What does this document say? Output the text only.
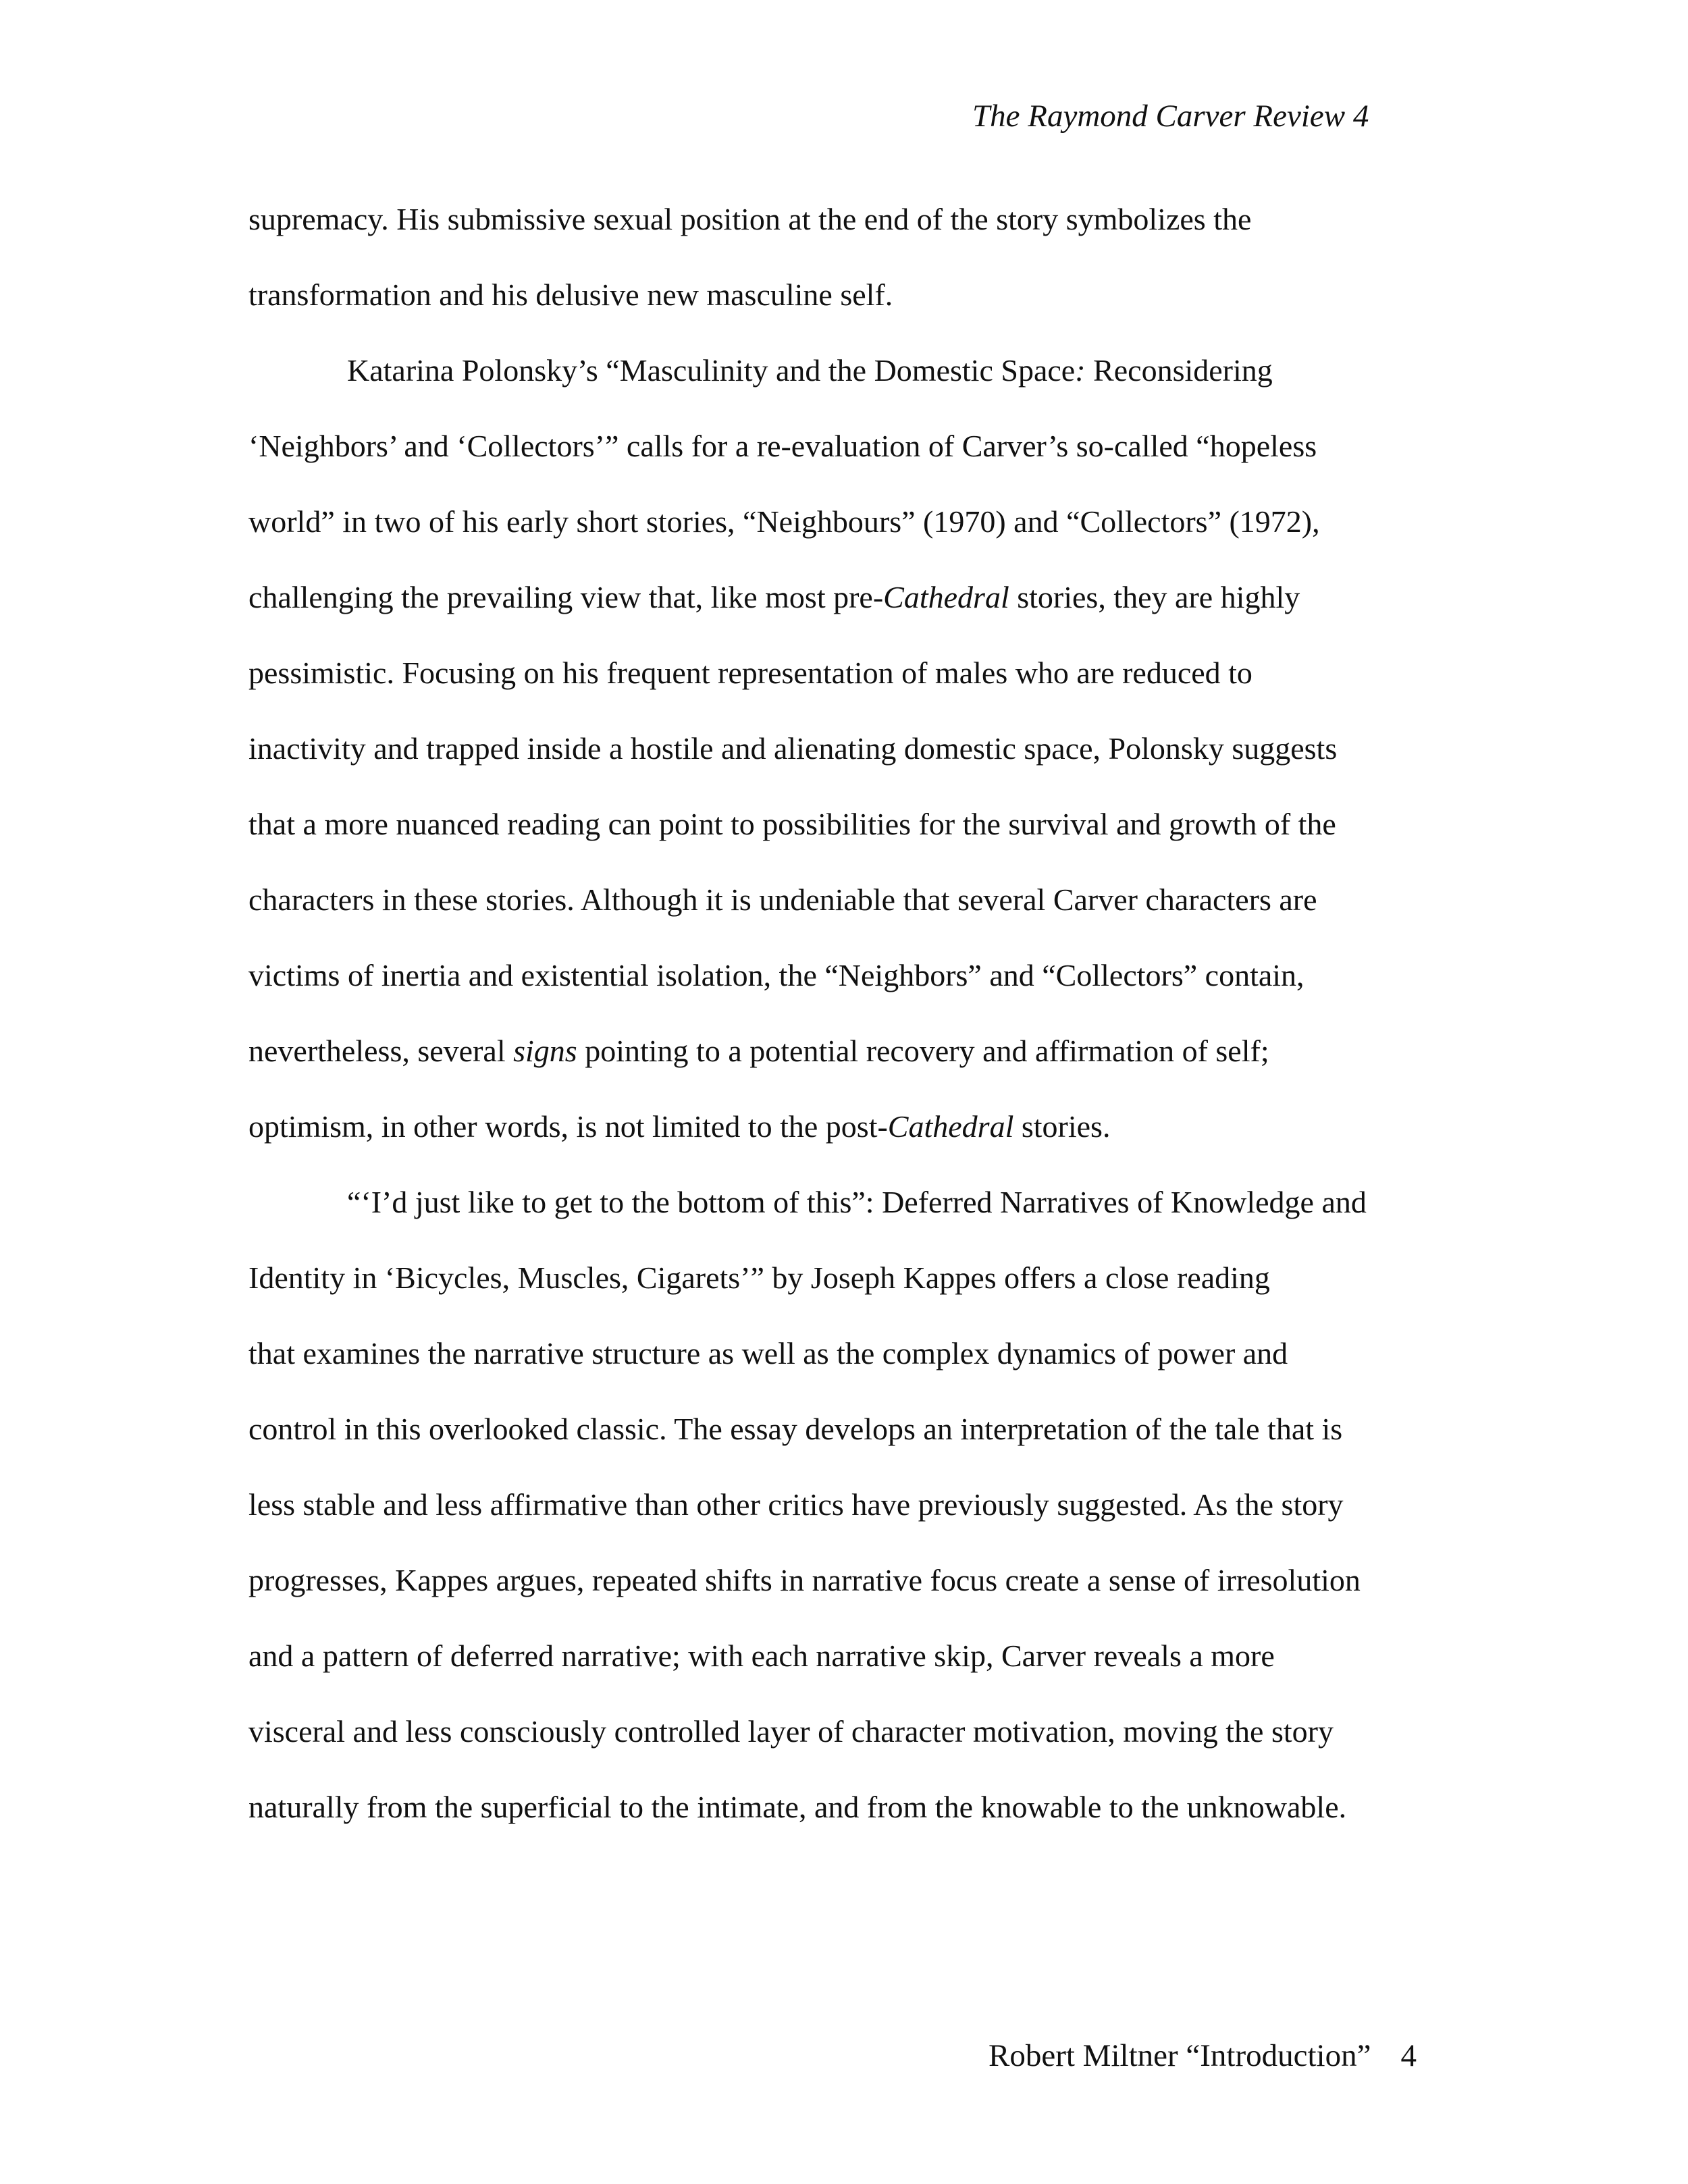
The Raymond Carver Review 4
supremacy. His submissive sexual position at the end of the story symbolizes the
transformation and his delusive new masculine self.
Katarina Polonsky’s “Masculinity and the Domestic Space: Reconsidering
‘Neighbors’ and ‘Collectors’” calls for a re-evaluation of Carver’s so-called “hopeless
world” in two of his early short stories, “Neighbours” (1970) and “Collectors” (1972),
challenging the prevailing view that, like most pre-Cathedral stories, they are highly
pessimistic. Focusing on his frequent representation of males who are reduced to
inactivity and trapped inside a hostile and alienating domestic space, Polonsky suggests
that a more nuanced reading can point to possibilities for the survival and growth of the
characters in these stories. Although it is undeniable that several Carver characters are
victims of inertia and existential isolation, the “Neighbors” and “Collectors” contain,
nevertheless, several signs pointing to a potential recovery and affirmation of self;
optimism, in other words, is not limited to the post-Cathedral stories.
“‘I’d just like to get to the bottom of this”: Deferred Narratives of Knowledge and
Identity in ‘Bicycles, Muscles, Cigarets’” by Joseph Kappes offers a close reading
that examines the narrative structure as well as the complex dynamics of power and
control in this overlooked classic. The essay develops an interpretation of the tale that is
less stable and less affirmative than other critics have previously suggested. As the story
progresses, Kappes argues, repeated shifts in narrative focus create a sense of irresolution
and a pattern of deferred narrative; with each narrative skip, Carver reveals a more
visceral and less consciously controlled layer of character motivation, moving the story
naturally from the superficial to the intimate, and from the knowable to the unknowable.
Robert Miltner “Introduction” 4
